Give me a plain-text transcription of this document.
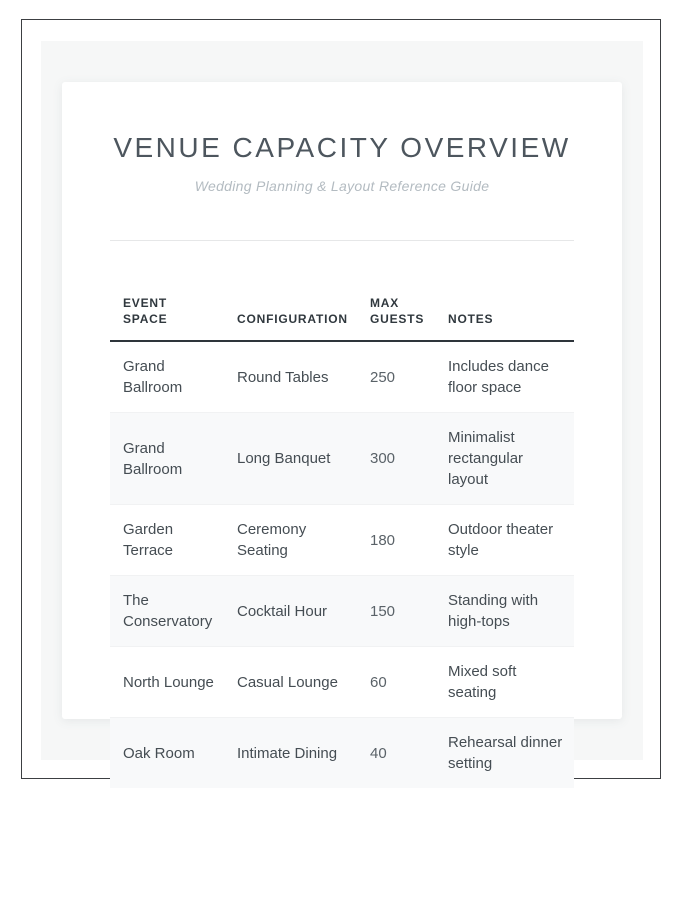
VENUE CAPACITY OVERVIEW

Wedding Planning & Layout Reference Guide

EVENT SPACE	CONFIGURATION	MAX GUESTS	NOTES
Grand Ballroom	Round Tables	250	Includes dance floor space
Grand Ballroom	Long Banquet	300	Minimalist rectangular layout
Garden Terrace	Ceremony Seating	180	Outdoor theater style
The Conservatory	Cocktail Hour	150	Standing with high-tops
North Lounge	Casual Lounge	60	Mixed soft seating
Oak Room	Intimate Dining	40	Rehearsal dinner setting
